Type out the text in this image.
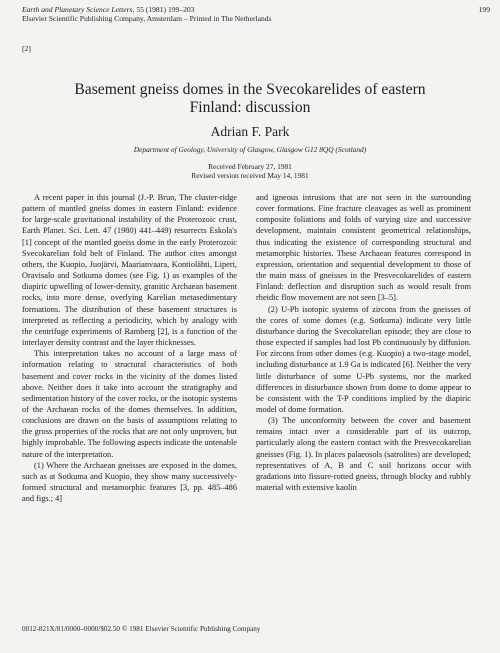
Earth and Planetary Science Letters, 55 (1981) 199–203
Elsevier Scientific Publishing Company, Amsterdam – Printed in The Netherlands
199
[2]
Basement gneiss domes in the Svecokarelides of eastern
Finland: discussion
Adrian F. Park
Department of Geology, University of Glasgow, Glasgow G12 8QQ (Scotland)
Received February 27, 1981
Revised version received May 14, 1981

A recent paper in this journal (J.-P. Brun, The cluster-ridge pattern of mantled gneiss domes in eastern Finland: evidence for large-scale gravitational instability of the Proterozoic crust, Earth Planet. Sci. Lett. 47 (1980) 441–449) resurrects Eskola's [1] concept of the mantled gneiss dome in the early Proterozoic Svecokarelian fold belt of Finland. The author cites amongst others, the Kuopio, Juojärvi, Maarianvaara, Kontiolähti, Liperi, Oravisalo and Sotkuma domes (see Fig. 1) as examples of the diapiric upwelling of lower-density, granitic Archaean basement rocks, into more dense, overlying Karelian metasedimentary formations. The distribution of these basement structures is interpreted as reflecting a periodicity, which by analogy with the centrifuge experiments of Ramberg [2], is a function of the interlayer density contrast and the layer thicknesses.

This interpretation takes no account of a large mass of information relating to structural characteristics of both basement and cover rocks in the vicinity of the domes listed above. Neither does it take into account the stratigraphy and sedimentation history of the cover rocks, or the isotopic systems of the Archaean rocks of the domes themselves. In addition, conclusions are drawn on the basis of assumptions relating to the gross properties of the rocks that are not only unproven, but highly improbable. The following aspects indicate the untenable nature of the interpretation.

(1) Where the Archaean gneisses are exposed in the domes, such as at Sotkuma and Kuopio, they show many successively-formed structural and metamorphic features [3, pp. 485–486 and figs.; 4]

and igneous intrusions that are not seen in the surrounding cover formations. Fine fracture cleavages as well as prominent composite foliations and folds of varying size and successive development, maintain consistent geometrical relationships, thus indicating the existence of corresponding structural and metamorphic histories. These Archaean features correspond in expression, orientation and sequential development to those of the main mass of gneisses in the Presvecokarelides of eastern Finland: deflection and disruption such as would result from rheidic flow movement are not seen [3–5].

(2) U-Pb isotopic systems of zircons from the gneisses of the cores of some domes (e.g. Sotkuma) indicate very little disturbance during the Svecokarelian episode; they are close to those expected if samples had lost Pb continuously by diffusion. For zircons from other domes (e.g. Kuopio) a two-stage model, including disturbance at 1.9 Ga is indicated [6]. Neither the very little disturbance of some U-Pb systems, nor the marked differences in disturbance shown from dome to dome appear to be consistent with the T-P conditions implied by the diapiric model of dome formation.

(3) The unconformity between the cover and basement remains intact over a considerable part of its outcrop, particularly along the eastern contact with the Presvecokarelian gneisses (Fig. 1). In places palaeosols (satrolites) are developed; representatives of A, B and C soil horizons occur with gradations into fissure-rotted gneiss, through blocky and rubbly material with extensive kaolin

0012-821X/81/0000–0000/$02.50 © 1981 Elsevier Scientific Publishing Company
